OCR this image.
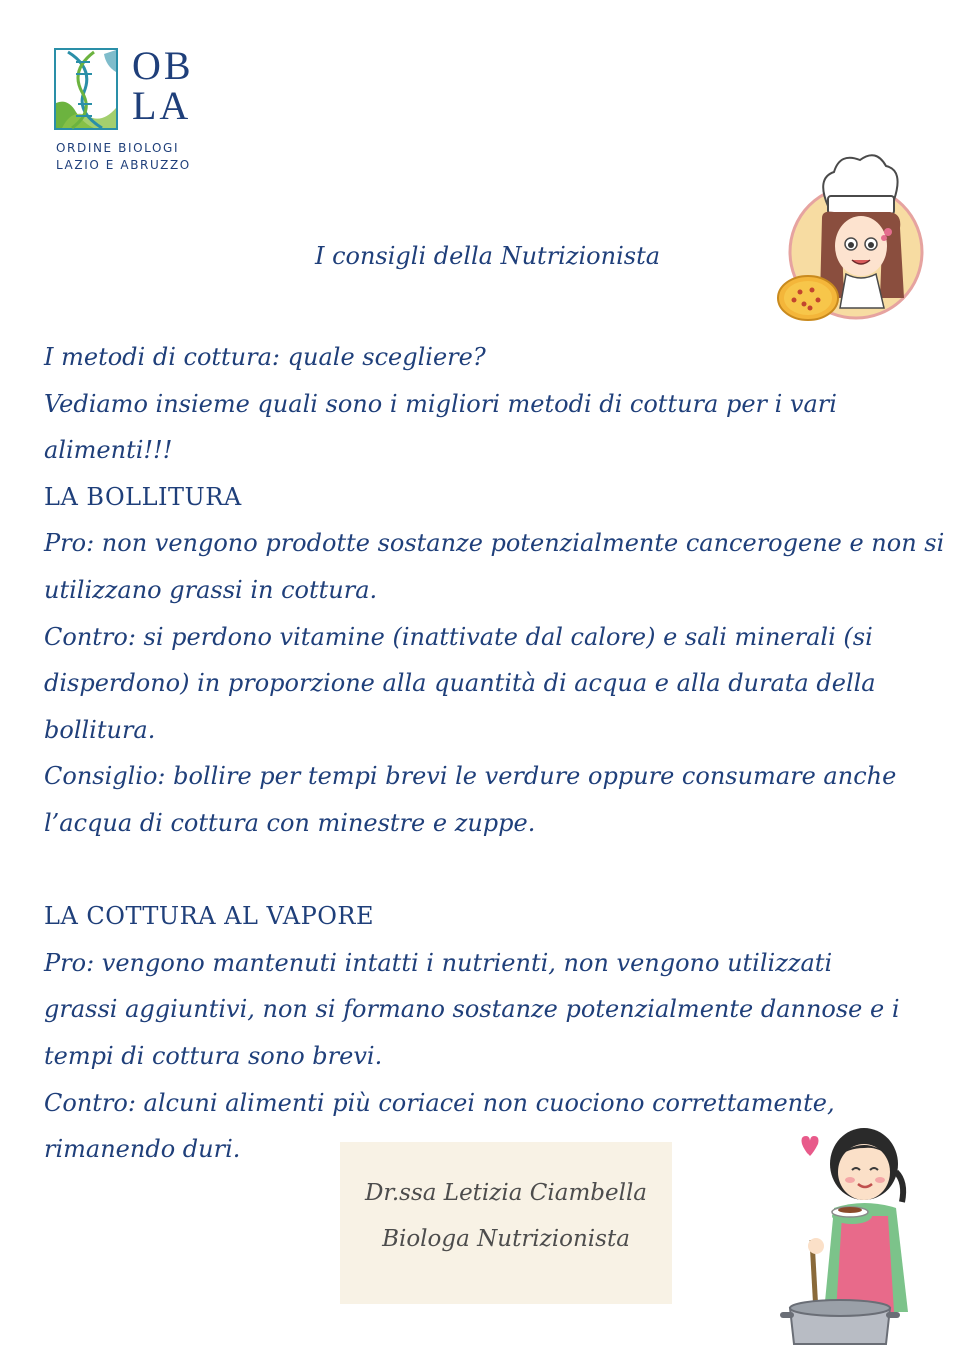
OB
LA
ORDINE BIOLOGI
LAZIO E ABRUZZO
I consigli della Nutrizionista

I metodi di cottura: quale scegliere?

Vediamo insieme quali sono i migliori metodi di cottura per i vari

alimenti!!!

LA BOLLITURA

Pro: non vengono prodotte sostanze potenzialmente cancerogene e non si

utilizzano grassi in cottura.

Contro: si perdono vitamine (inattivate dal calore) e sali minerali (si

disperdono) in proporzione alla quantità di acqua e alla durata della

bollitura.

Consiglio: bollire per tempi brevi le verdure oppure consumare anche

l’acqua di cottura con minestre e zuppe.

LA COTTURA AL VAPORE

Pro: vengono mantenuti intatti i nutrienti, non vengono utilizzati

grassi aggiuntivi, non si formano sostanze potenzialmente dannose e i

tempi di cottura sono brevi.

Contro: alcuni alimenti più coriacei non cuociono correttamente,

rimanendo duri.

Dr.ssa Letizia Ciambella

Biologa Nutrizionista
